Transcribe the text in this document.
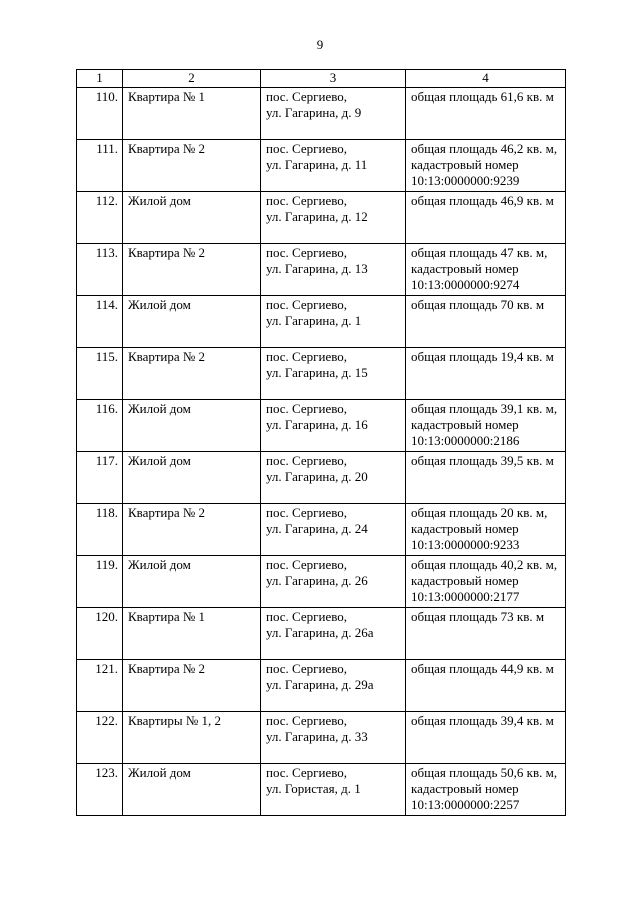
9
1	2	3	4
110.	Квартира № 1	пос. Сергиево,
ул. Гагарина, д. 9	общая площадь 61,6 кв. м

111.	Квартира № 2	пос. Сергиево,
ул. Гагарина, д. 11	общая площадь 46,2 кв. м,
кадастровый номер
10:13:0000000:9239

112.	Жилой дом	пос. Сергиево,
ул. Гагарина, д. 12	общая площадь 46,9 кв. м

113.	Квартира № 2	пос. Сергиево,
ул. Гагарина, д. 13	общая площадь 47 кв. м,
кадастровый номер
10:13:0000000:9274

114.	Жилой дом	пос. Сергиево,
ул. Гагарина, д. 1	общая площадь 70 кв. м

115.	Квартира № 2	пос. Сергиево,
ул. Гагарина, д. 15	общая площадь 19,4 кв. м

116.	Жилой дом	пос. Сергиево,
ул. Гагарина, д. 16	общая площадь 39,1 кв. м,
кадастровый номер
10:13:0000000:2186

117.	Жилой дом	пос. Сергиево,
ул. Гагарина, д. 20	общая площадь 39,5 кв. м

118.	Квартира № 2	пос. Сергиево,
ул. Гагарина, д. 24	общая площадь 20 кв. м,
кадастровый номер
10:13:0000000:9233

119.	Жилой дом	пос. Сергиево,
ул. Гагарина, д. 26	общая площадь 40,2 кв. м,
кадастровый номер
10:13:0000000:2177

120.	Квартира № 1	пос. Сергиево,
ул. Гагарина, д. 26а	общая площадь 73 кв. м

121.	Квартира № 2	пос. Сергиево,
ул. Гагарина, д. 29а	общая площадь 44,9 кв. м

122.	Квартиры № 1, 2	пос. Сергиево,
ул. Гагарина, д. 33	общая площадь 39,4 кв. м

123.	Жилой дом	пос. Сергиево,
ул. Гористая, д. 1	общая площадь 50,6 кв. м,
кадастровый номер
10:13:0000000:2257
